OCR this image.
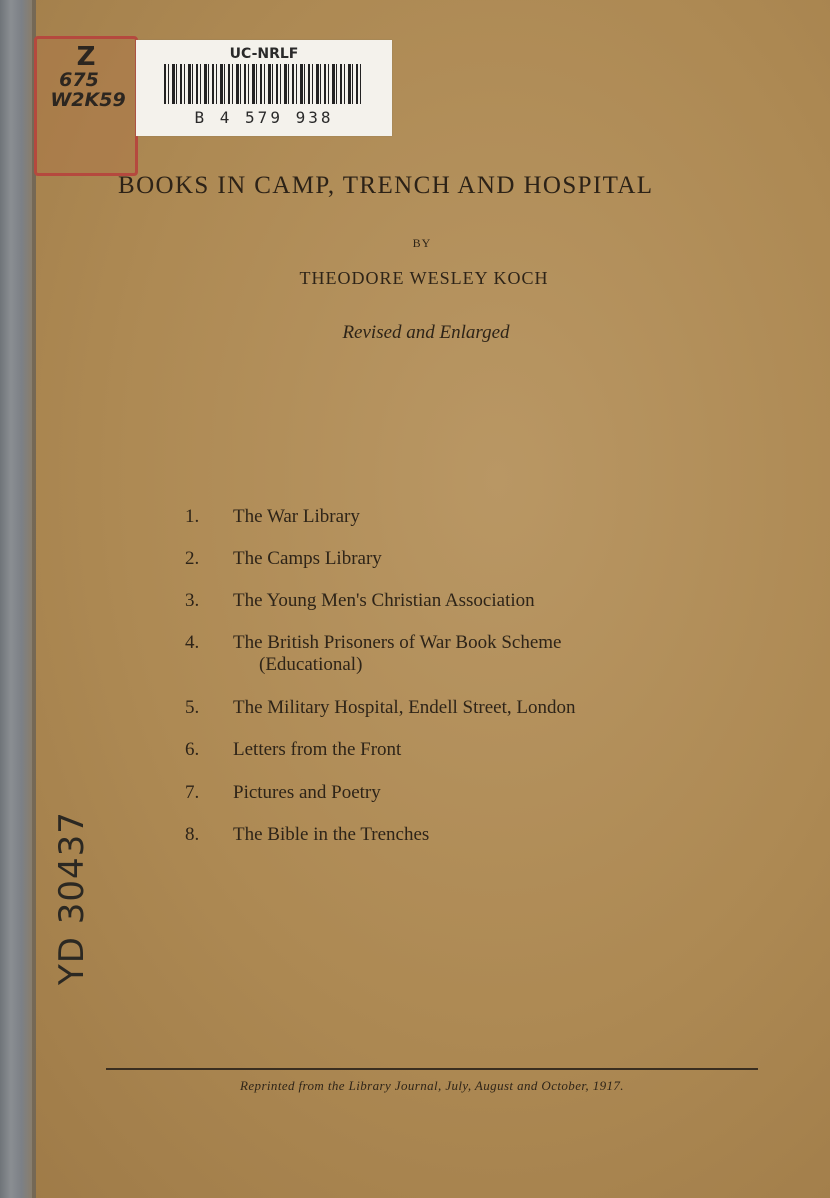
Z
675
W2K59
UC-NRLF
B 4 579 938
BOOKS IN CAMP, TRENCH AND HOSPITAL
BY
THEODORE WESLEY KOCH
Revised and Enlarged
1. The War Library
2. The Camps Library
3. The Young Men's Christian Association
4. The British Prisoners of War Book Scheme
(Educational)
5. The Military Hospital, Endell Street, London
6. Letters from the Front
7. Pictures and Poetry
8. The Bible in the Trenches
YD 30437
Reprinted from the Library Journal, July, August and October, 1917.
